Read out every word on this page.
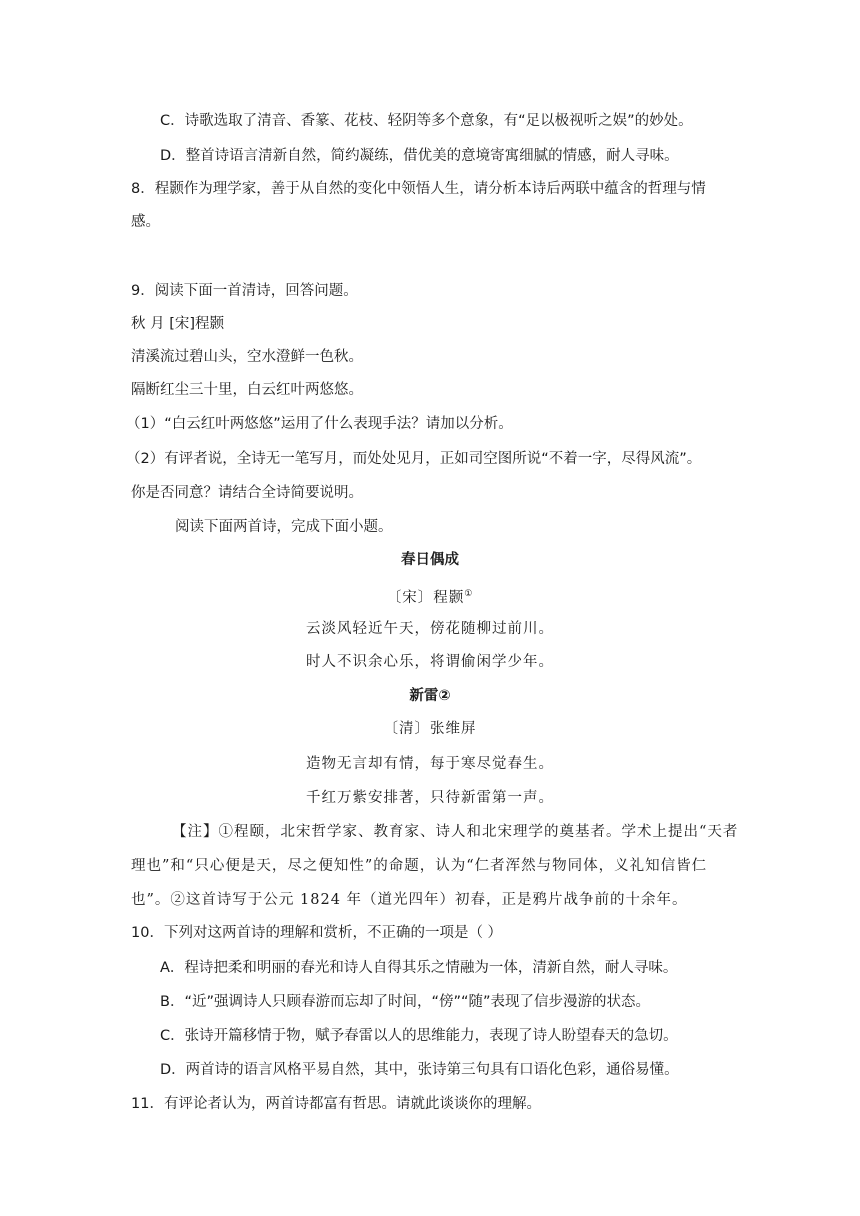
C．诗歌选取了清音、香篆、花枝、轻阴等多个意象，有“足以极视听之娱”的妙处。
D．整首诗语言清新自然，简约凝练，借优美的意境寄寓细腻的情感，耐人寻味。
8．程颢作为理学家，善于从自然的变化中领悟人生，请分析本诗后两联中蕴含的哲理与情
感。
9．阅读下面一首清诗，回答问题。
秋 月 [宋]程颢
清溪流过碧山头，空水澄鲜一色秋。
隔断红尘三十里，白云红叶两悠悠。
（1）“白云红叶两悠悠”运用了什么表现手法？请加以分析。
（2）有评者说，全诗无一笔写月，而处处见月，正如司空图所说“不着一字，尽得风流”。
你是否同意？请结合全诗简要说明。
阅读下面两首诗，完成下面小题。
春日偶成
〔宋〕程颢①
云淡风轻近午天，傍花随柳过前川。
时人不识余心乐，将谓偷闲学少年。
新雷②
〔清〕张维屏
造物无言却有情，每于寒尽觉春生。
千红万紫安排著，只待新雷第一声。
【注】①程颐，北宋哲学家、教育家、诗人和北宋理学的奠基者。学术上提出“天者
理也”和“只心便是天，尽之便知性”的命题，认为“仁者浑然与物同体，义礼知信皆仁
也”。②这首诗写于公元 1824 年（道光四年）初春，正是鸦片战争前的十余年。
10．下列对这两首诗的理解和赏析，不正确的一项是（ ）
A．程诗把柔和明丽的春光和诗人自得其乐之情融为一体，清新自然，耐人寻味。
B．“近”强调诗人只顾春游而忘却了时间，“傍”“随”表现了信步漫游的状态。
C．张诗开篇移情于物，赋予春雷以人的思维能力，表现了诗人盼望春天的急切。
D．两首诗的语言风格平易自然，其中，张诗第三句具有口语化色彩，通俗易懂。
11．有评论者认为，两首诗都富有哲思。请就此谈谈你的理解。
